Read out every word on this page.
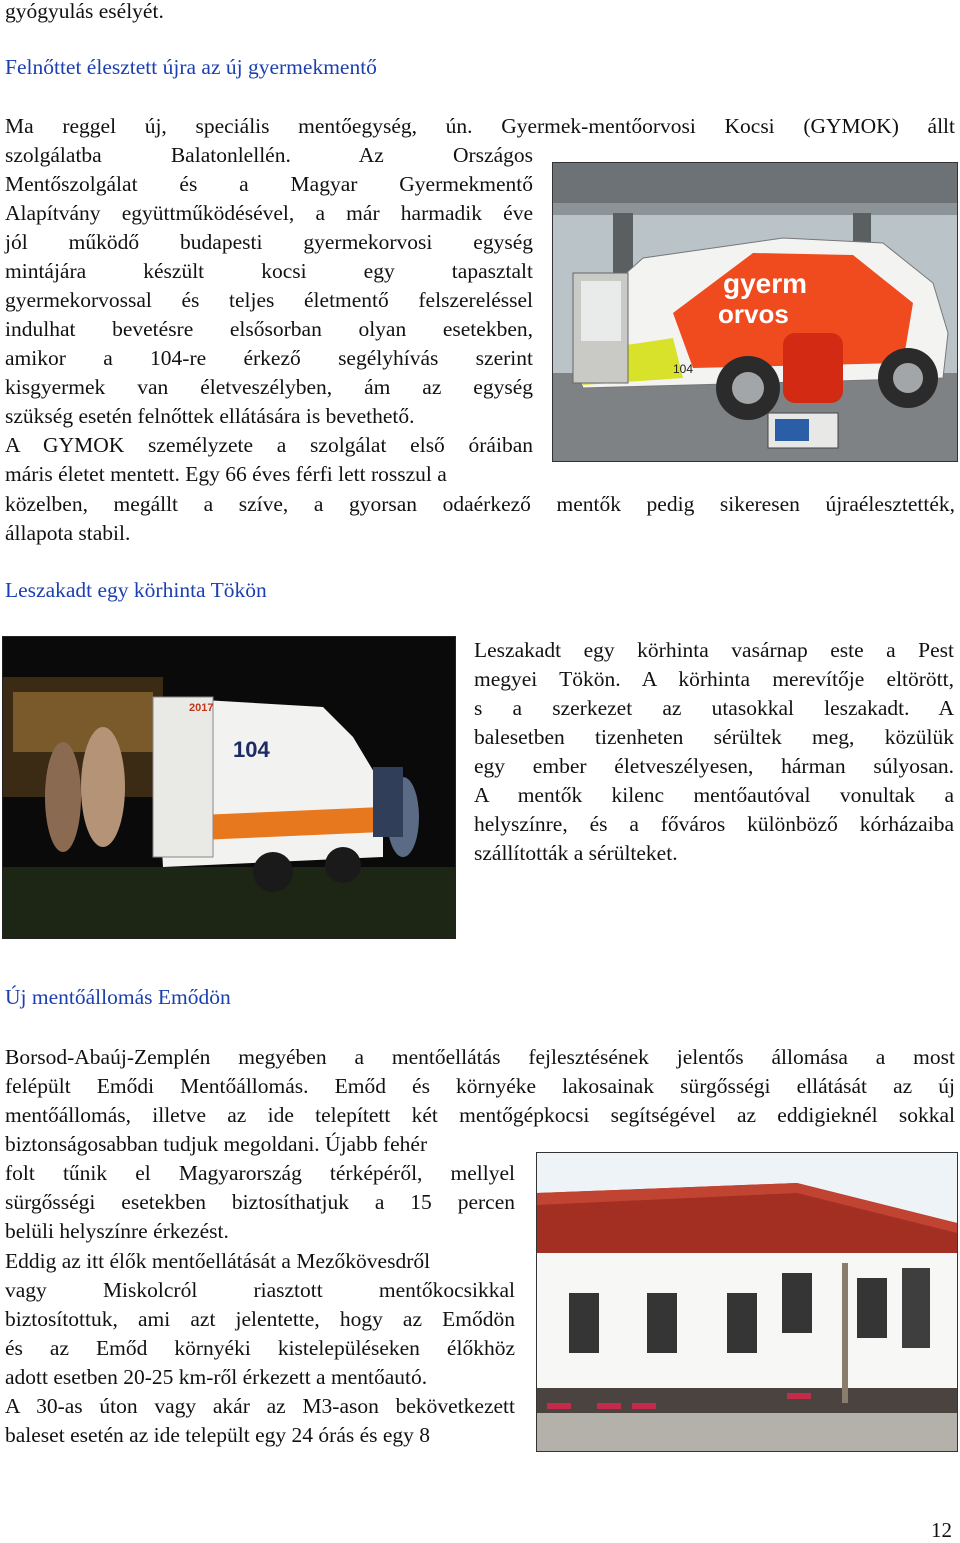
gyógyulás esélyét.
Felnőttet élesztett újra az új gyermekmentő
Ma reggel új, speciális mentőegység, ún. Gyermek-mentőorvosi Kocsi (GYMOK) állt
szolgálatba Balatonlellén. Az Országos
Mentőszolgálat és a Magyar Gyermekmentő
Alapítvány együttműködésével, a már harmadik éve
jól működő budapesti gyermekorvosi egység
mintájára készült kocsi egy tapasztalt
gyermekorvossal és teljes életmentő felszereléssel
indulhat bevetésre elsősorban olyan esetekben,
amikor a 104-re érkező segélyhívás szerint
kisgyermek van életveszélyben, ám az egység
szükség esetén felnőttek ellátására is bevethető.
A GYMOK személyzete a szolgálat első óráiban
máris életet mentett. Egy 66 éves férfi lett rosszul a
közelben, megállt a szíve, a gyorsan odaérkező mentők pedig sikeresen újraélesztették,
állapota stabil.
gyerm
orvos
104
Leszakadt egy körhinta Tökön
104
2017
Leszakadt egy körhinta vasárnap este a Pest
megyei Tökön. A körhinta merevítője eltörött,
s a szerkezet az utasokkal leszakadt. A
balesetben tizenheten sérültek meg, közülük
egy ember életveszélyesen, hárman súlyosan.
A mentők kilenc mentőautóval vonultak a
helyszínre, és a főváros különböző kórházaiba
szállították a sérülteket.
Új mentőállomás Emődön
Borsod-Abaúj-Zemplén megyében a mentőellátás fejlesztésének jelentős állomása a most
felépült Emődi Mentőállomás. Emőd és környéke lakosainak sürgősségi ellátását az új
mentőállomás, illetve az ide telepített két mentőgépkocsi segítségével az eddigieknél sokkal
biztonságosabban tudjuk megoldani. Újabb fehér
folt tűnik el Magyarország térképéről, mellyel
sürgősségi esetekben biztosíthatjuk a 15 percen
belüli helyszínre érkezést.
Eddig az itt élők mentőellátását a Mezőkövesdről
vagy Miskolcról riasztott mentőkocsikkal
biztosítottuk, ami azt jelentette, hogy az Emődön
és az Emőd környéki kistelepüléseken élőkhöz
adott esetben 20-25 km-ről érkezett a mentőautó.
A 30-as úton vagy akár az M3-ason bekövetkezett
baleset esetén az ide települt egy 24 órás és egy 8
12
